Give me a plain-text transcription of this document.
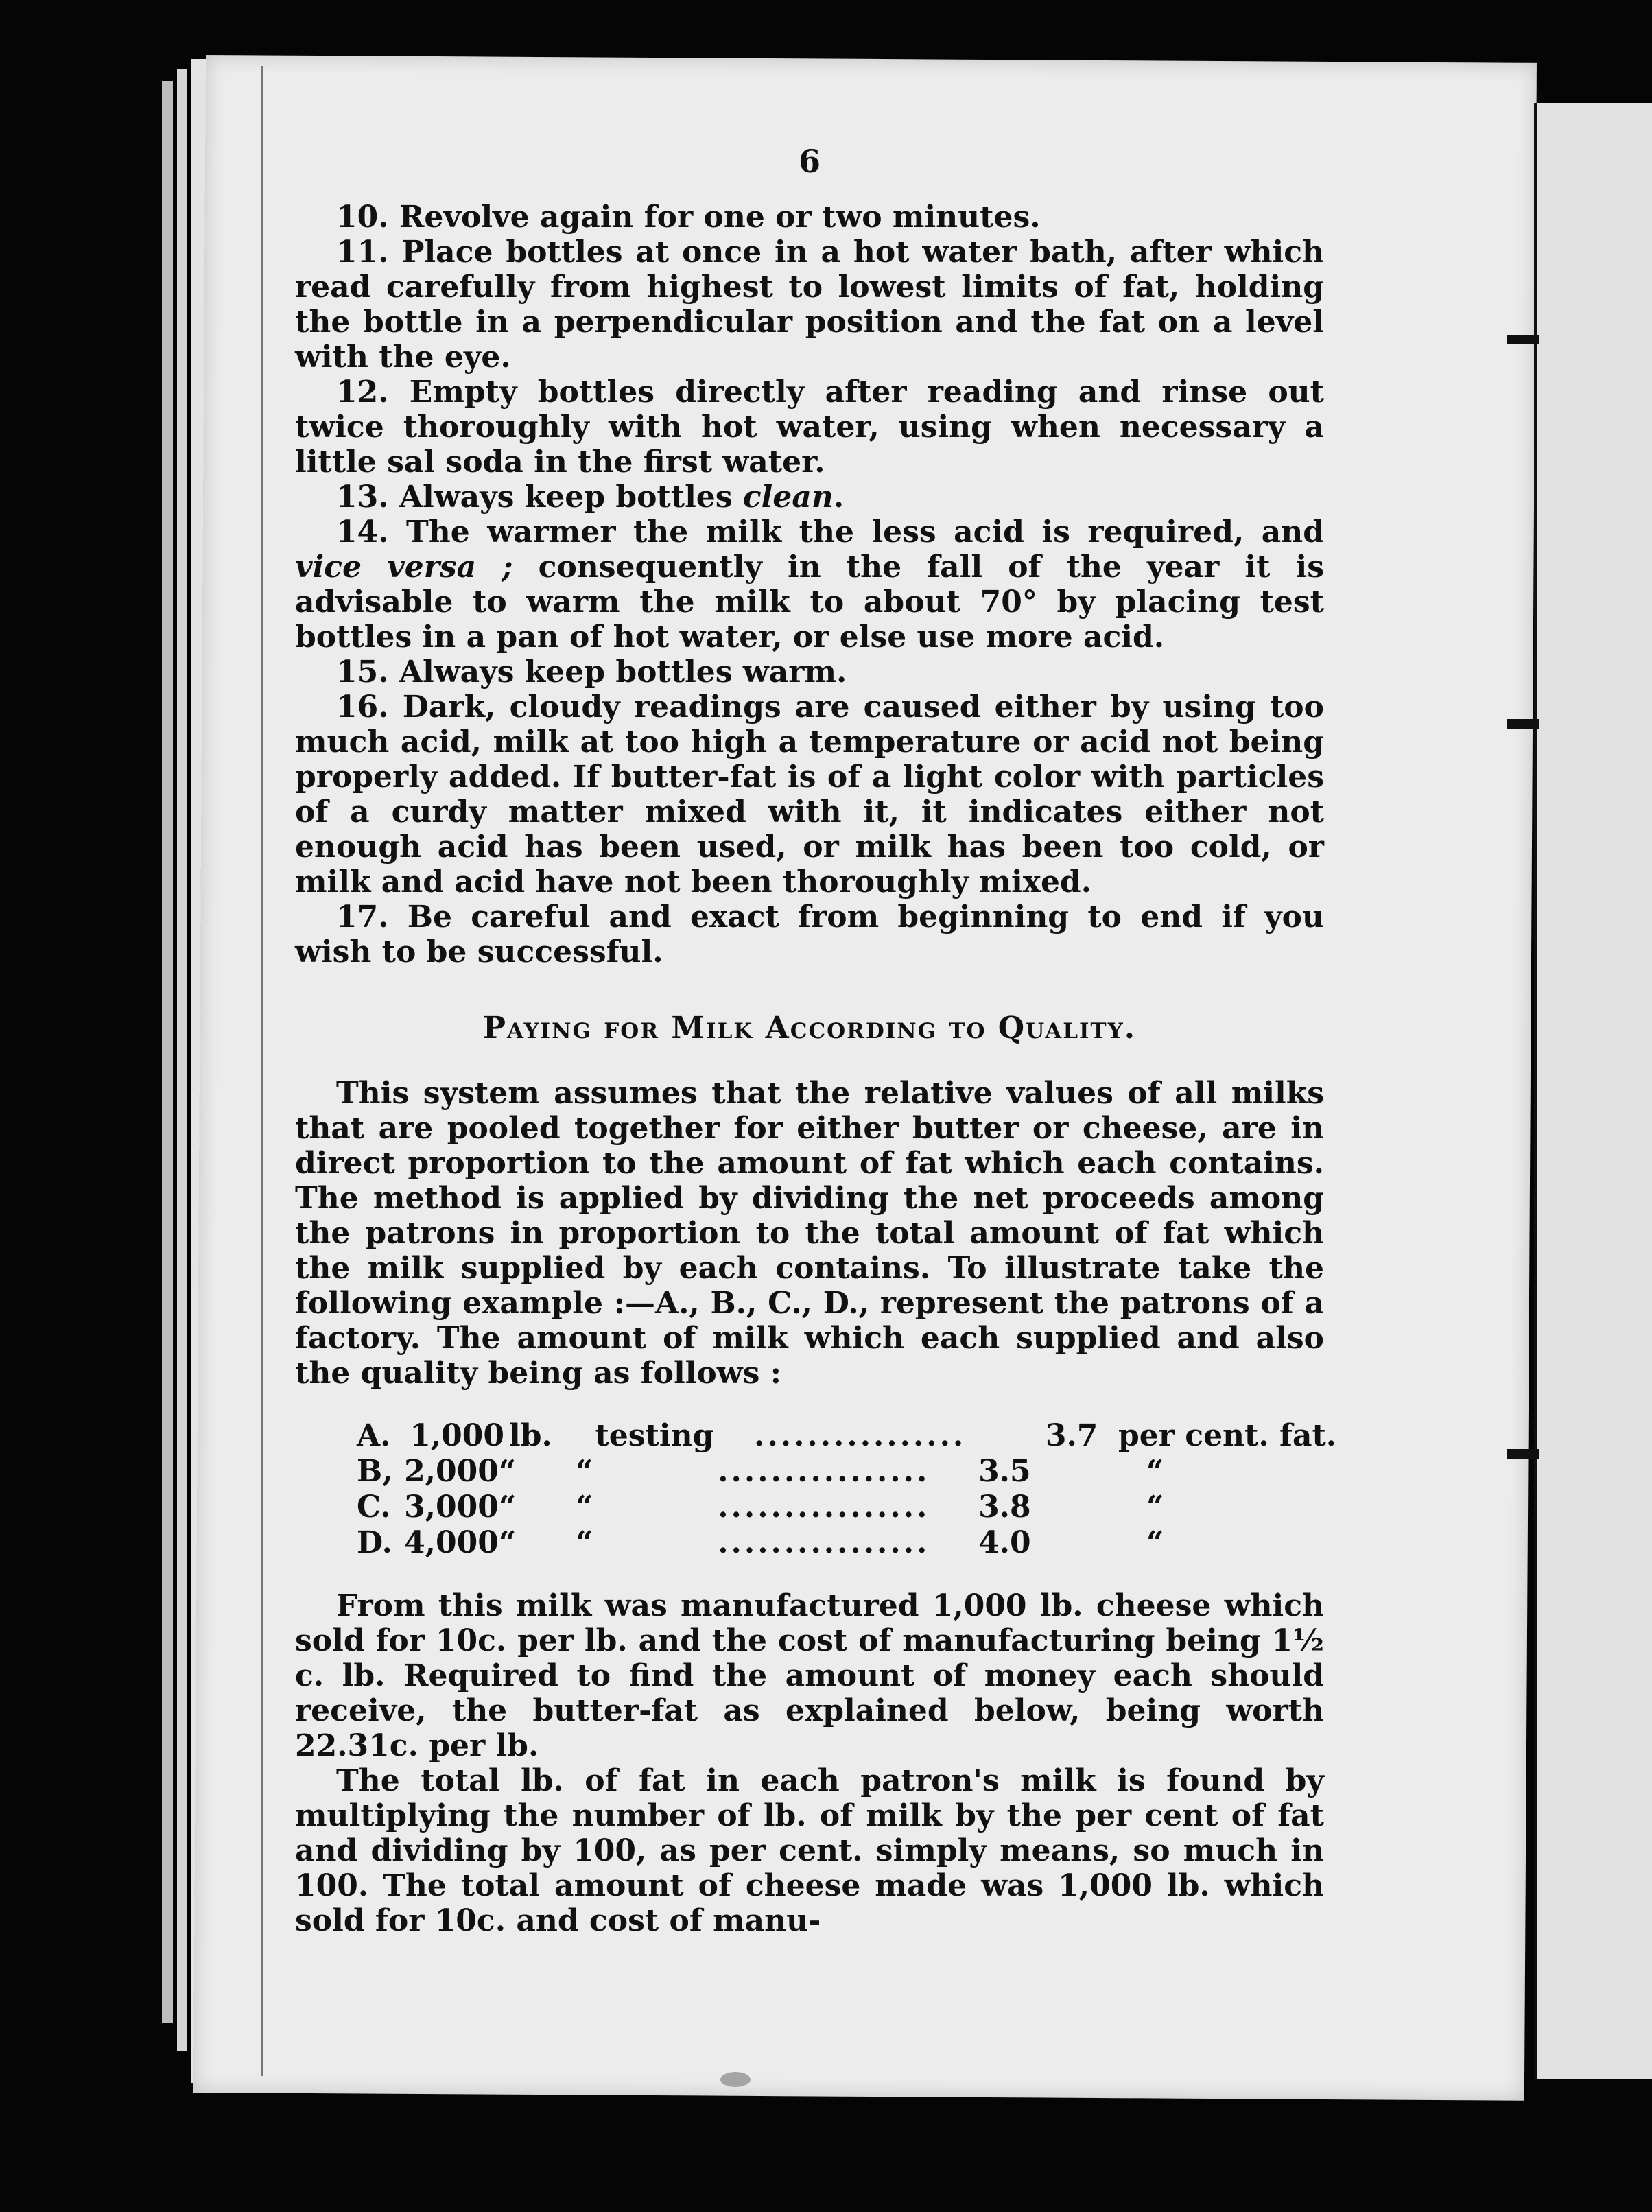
6

10. Revolve again for one or two minutes.

11. Place bottles at once in a hot water bath, after which read carefully from highest to lowest limits of fat, holding the bottle in a perpendicular position and the fat on a level with the eye.

12. Empty bottles directly after reading and rinse out twice thoroughly with hot water, using when necessary a little sal soda in the first water.

13. Always keep bottles clean.

14. The warmer the milk the less acid is required, and vice versa ; consequently in the fall of the year it is advisable to warm the milk to about 70° by placing test bottles in a pan of hot water, or else use more acid.

15. Always keep bottles warm.

16. Dark, cloudy readings are caused either by using too much acid, milk at too high a temperature or acid not being properly added. If butter-fat is of a light color with particles of a curdy matter mixed with it, it indicates either not enough acid has been used, or milk has been too cold, or milk and acid have not been thoroughly mixed.

17. Be careful and exact from beginning to end if you wish to be successful.

Paying for Milk According to Quality.

This system assumes that the relative values of all milks that are pooled together for either butter or cheese, are in direct proportion to the amount of fat which each contains. The method is applied by dividing the net proceeds among the patrons in proportion to the total amount of fat which the milk supplied by each contains. To illustrate take the following example :—A., B., C., D., represent the patrons of a factory. The amount of milk which each supplied and also the quality being as follows :

A. 1,000 lb.	testing	................	3.7 per cent. fat.
B, 2,000 “	“	................	3.5	“
C. 3,000 “	“	................	3.8	“
D. 4,000 “	“	................	4.0	“

From this milk was manufactured 1,000 lb. cheese which sold for 10c. per lb. and the cost of manufacturing being 1½ c. lb. Required to find the amount of money each should receive, the butter-fat as explained below, being worth 22.31c. per lb.

The total lb. of fat in each patron's milk is found by multiplying the number of lb. of milk by the per cent of fat and dividing by 100, as per cent. simply means, so much in 100. The total amount of cheese made was 1,000 lb. which sold for 10c. and cost of manu-
